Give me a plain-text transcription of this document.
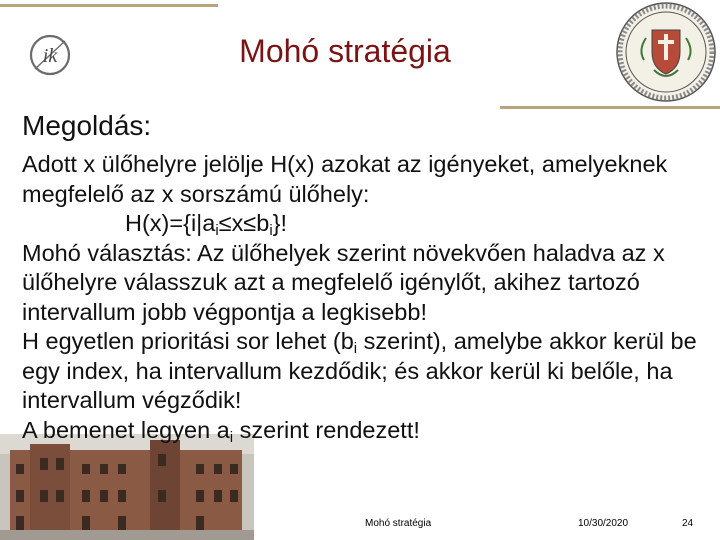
ik	Mohó stratégia
Megoldás:

Adott x ülőhelyre jelölje H(x) azokat az igényeket, amelyeknek megfelelő az x sorszámú ülőhely:

$H(x)=\{i|a_i\le x\le b_i\}$!

Mohó választás: Az ülőhelyek szerint növekvően haladva az x ülőhelyre válasszuk azt a megfelelő igénylőt, akihez tartozó intervallum jobb végpontja a legkisebb!

H egyetlen prioritási sor lehet ($b_i$ szerint), amelybe akkor kerül be egy index, ha intervallum kezdődik; és akkor kerül ki belőle, ha intervallum végződik!

A bemenet legyen $a_i$ szerint rendezett!

Mohó stratégia	10/30/2020	24
